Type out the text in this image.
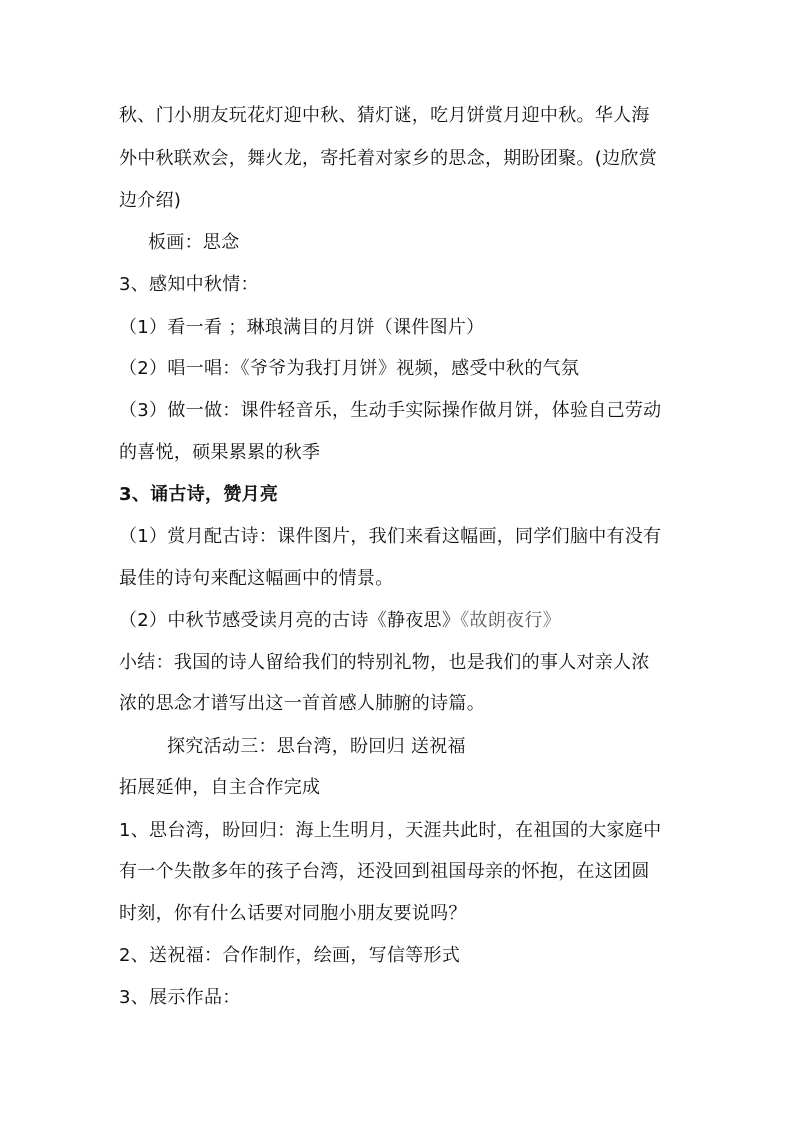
秋、门小朋友玩花灯迎中秋、猜灯谜，吃月饼赏月迎中秋。华人海
外中秋联欢会，舞火龙，寄托着对家乡的思念，期盼团聚。(边欣赏
边介绍)
板画：思念
3、感知中秋情：
（1）看一看 ；琳琅满目的月饼（课件图片）
（2）唱一唱：《爷爷为我打月饼》视频，感受中秋的气氛
（3）做一做：课件轻音乐，生动手实际操作做月饼，体验自己劳动
的喜悦，硕果累累的秋季
3、诵古诗，赞月亮
（1）赏月配古诗：课件图片，我们来看这幅画，同学们脑中有没有
最佳的诗句来配这幅画中的情景。
（2）中秋节感受读月亮的古诗《静夜思》《故朗夜行》
小结：我国的诗人留给我们的特别礼物，也是我们的事人对亲人浓
浓的思念才谱写出这一首首感人肺腑的诗篇。
探究活动三：思台湾，盼回归 送祝福
拓展延伸，自主合作完成
1、思台湾，盼回归：海上生明月，天涯共此时，在祖国的大家庭中
有一个失散多年的孩子台湾，还没回到祖国母亲的怀抱，在这团圆
时刻，你有什么话要对同胞小朋友要说吗？
2、送祝福：合作制作，绘画，写信等形式
3、展示作品：
